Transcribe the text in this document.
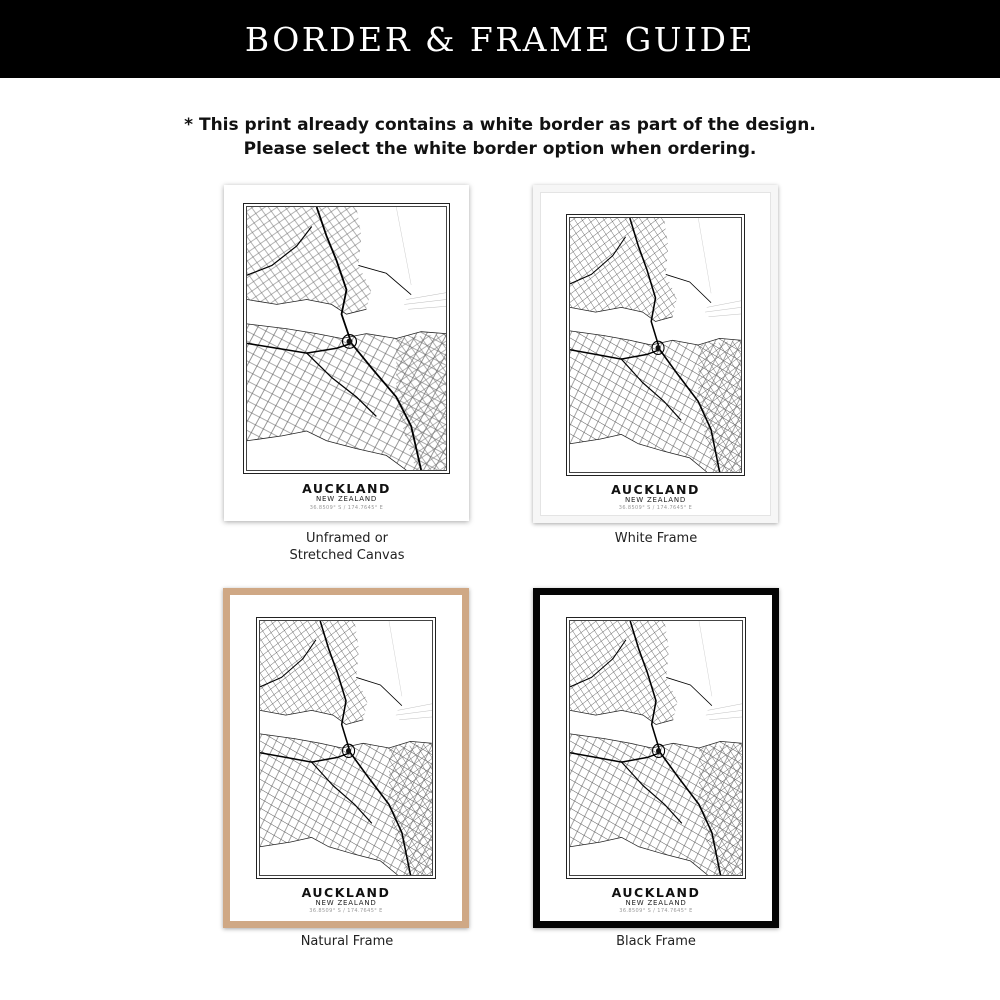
BORDER & FRAME GUIDE
* This print already contains a white border as part of the design.
Please select the white border option when ordering.
AUCKLAND
NEW ZEALAND
36.8509° S / 174.7645° E
Unframed or
Stretched Canvas
AUCKLAND
NEW ZEALAND
36.8509° S / 174.7645° E
White Frame
AUCKLAND
NEW ZEALAND
36.8509° S / 174.7645° E
Natural Frame
AUCKLAND
NEW ZEALAND
36.8509° S / 174.7645° E
Black Frame
